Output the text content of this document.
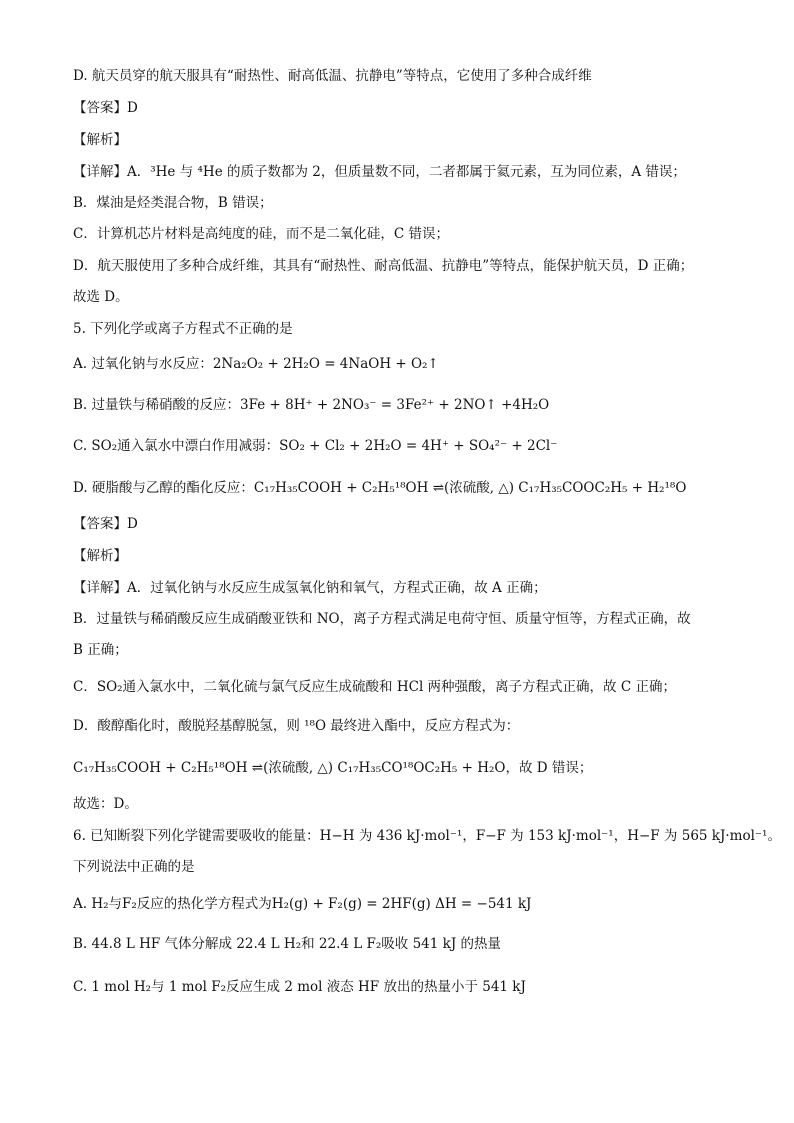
D. 航天员穿的航天服具有“耐热性、耐高低温、抗静电”等特点，它使用了多种合成纤维
【答案】D
【解析】
【详解】A．³He 与 ⁴He 的质子数都为 2，但质量数不同，二者都属于氦元素，互为同位素，A 错误；
B．煤油是烃类混合物，B 错误；
C．计算机芯片材料是高纯度的硅，而不是二氧化硅，C 错误；
D．航天服使用了多种合成纤维，其具有“耐热性、耐高低温、抗静电”等特点，能保护航天员，D 正确；
故选 D。
5. 下列化学或离子方程式不正确的是
A. 过氧化钠与水反应：2Na₂O₂ + 2H₂O = 4NaOH + O₂↑
B. 过量铁与稀硝酸的反应：3Fe + 8H⁺ + 2NO₃⁻ = 3Fe²⁺ + 2NO↑ +4H₂O
C. SO₂通入氯水中漂白作用减弱：SO₂ + Cl₂ + 2H₂O = 4H⁺ + SO₄²⁻ + 2Cl⁻
D. 硬脂酸与乙醇的酯化反应：C₁₇H₃₅COOH + C₂H₅¹⁸OH ⇌(浓硫酸, △) C₁₇H₃₅COOC₂H₅ + H₂¹⁸O
【答案】D
【解析】
【详解】A．过氧化钠与水反应生成氢氧化钠和氧气，方程式正确，故 A 正确；
B．过量铁与稀硝酸反应生成硝酸亚铁和 NO，离子方程式满足电荷守恒、质量守恒等，方程式正确，故
B 正确；
C．SO₂通入氯水中，二氧化硫与氯气反应生成硫酸和 HCl 两种强酸，离子方程式正确，故 C 正确；
D．酸醇酯化时，酸脱羟基醇脱氢，则 ¹⁸O 最终进入酯中，反应方程式为：
C₁₇H₃₅COOH + C₂H₅¹⁸OH ⇌(浓硫酸, △) C₁₇H₃₅CO¹⁸OC₂H₅ + H₂O，故 D 错误；
故选：D。
6. 已知断裂下列化学键需要吸收的能量：H−H 为 436 kJ·mol⁻¹，F−F 为 153 kJ·mol⁻¹，H−F 为 565 kJ·mol⁻¹。
下列说法中正确的是
A. H₂与F₂反应的热化学方程式为H₂(g) + F₂(g) = 2HF(g) ΔH = −541 kJ
B. 44.8 L HF 气体分解成 22.4 L H₂和 22.4 L F₂吸收 541 kJ 的热量
C. 1 mol H₂与 1 mol F₂反应生成 2 mol 液态 HF 放出的热量小于 541 kJ
